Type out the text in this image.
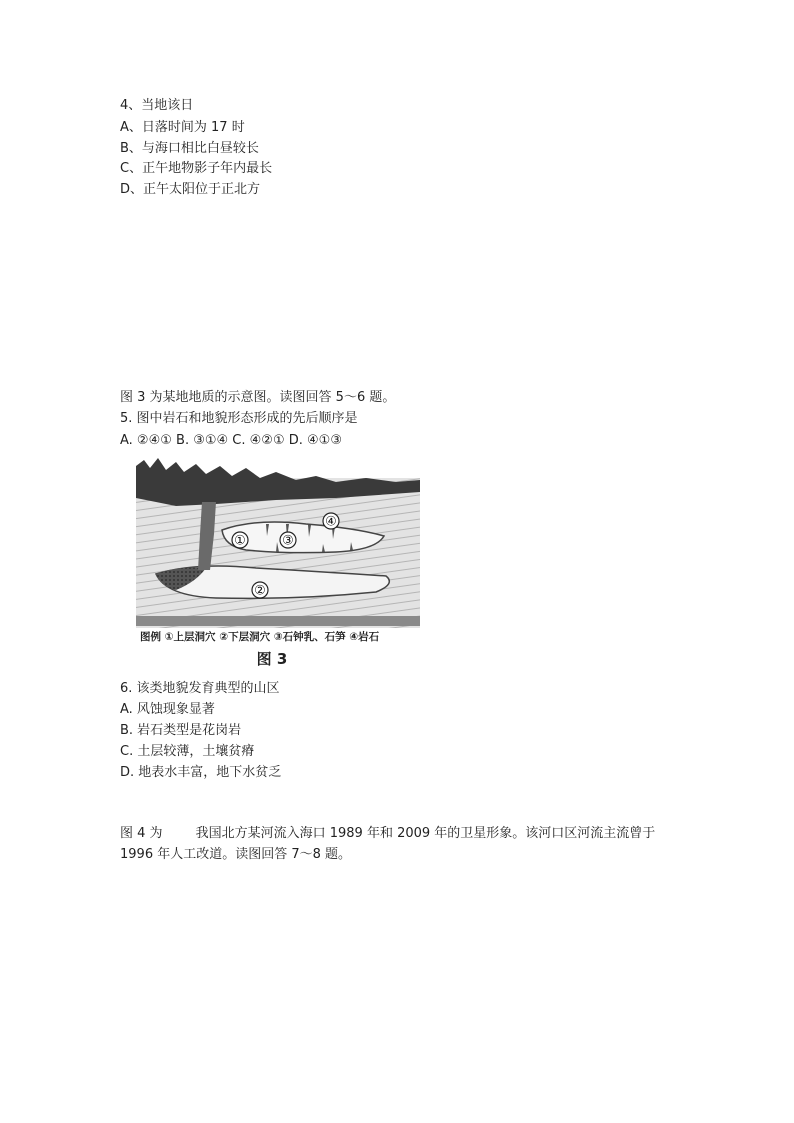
4、当地该日
A、日落时间为 17 时
B、与海口相比白昼较长
C、正午地物影子年内最长
D、正午太阳位于正北方
图 3 为某地地质的示意图。读图回答 5～6 题。
5. 图中岩石和地貌形态形成的先后顺序是
A. ②④① B. ③①④ C. ④②① D. ④①③
④
①	③
②
图例 ①上层洞穴 ②下层洞穴 ③石钟乳、石笋 ④岩石
图 3
6. 该类地貌发育典型的山区
A. 风蚀现象显著
B. 岩石类型是花岗岩
C. 土层较薄，土壤贫瘠
D. 地表水丰富，地下水贫乏
图 4 为        我国北方某河流入海口 1989 年和 2009 年的卫星形象。该河口区河流主流曾于
1996 年人工改道。读图回答 7～8 题。
